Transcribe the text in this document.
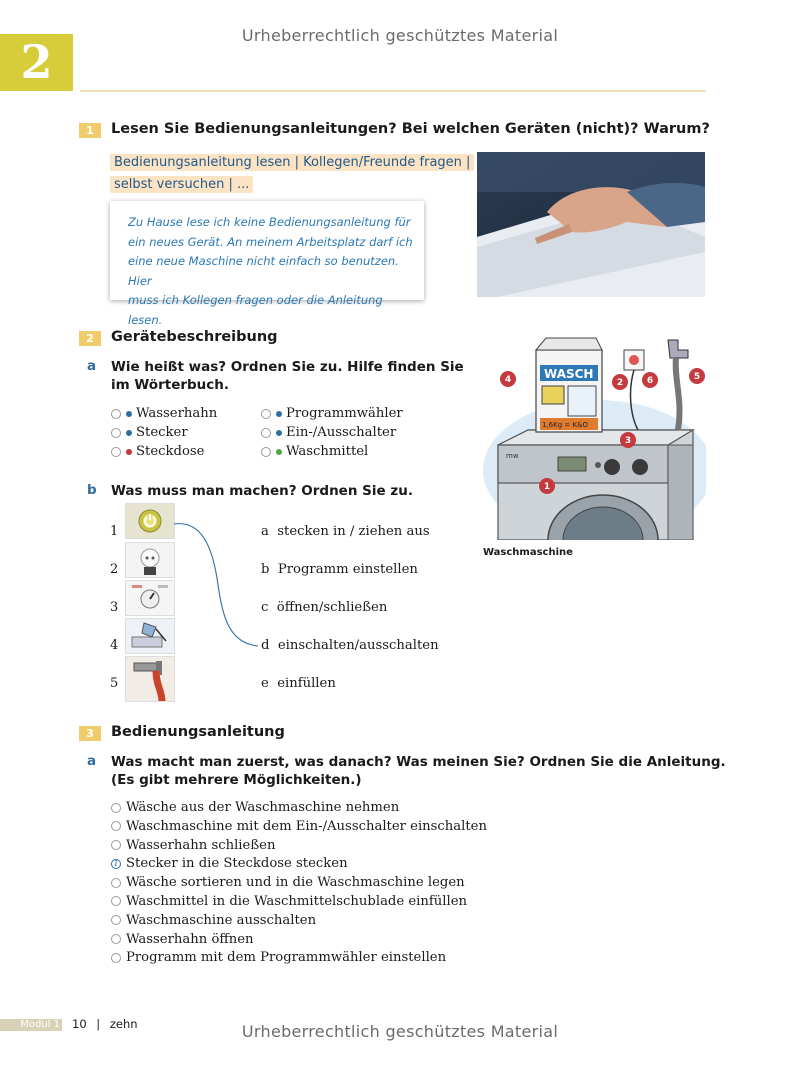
Urheberrechtlich geschütztes Material
Urheberrechtlich geschütztes Material
2
1	Lesen Sie Bedienungsanleitungen? Bei welchen Geräten (nicht)? Warum?
Bedienungsanleitung lesen | Kollegen/Freunde fragen |
selbst versuchen | ...
Zu Hause lese ich keine Bedienungsanleitung für
ein neues Gerät. An meinem Arbeitsplatz darf ich
eine neue Maschine nicht einfach so benutzen. Hier
muss ich Kollegen fragen oder die Anleitung lesen.
2	Gerätebeschreibung
a Wie heißt was? Ordnen Sie zu. Hilfe finden Sie
im Wörterbuch.
Wasserhahn
Stecker
Steckdose
Programmwähler
Ein-/Ausschalter
Waschmittel	mw
WASCH
1,6Kg = K&O
1
2
3
4	5
6
Waschmaschine
b Was muss man machen? Ordnen Sie zu.
1
2
3
4
5
a stecken in / ziehen aus
b Programm einstellen
c öffnen/schließen
d einschalten/ausschalten
e einfüllen
3	Bedienungsanleitung
a Was macht man zuerst, was danach? Was meinen Sie? Ordnen Sie die Anleitung.
(Es gibt mehrere Möglichkeiten.)
Wäsche aus der Waschmaschine nehmen
Waschmaschine mit dem Ein-/Ausschalter einschalten
Wasserhahn schließen
1 Stecker in die Steckdose stecken
Wäsche sortieren und in die Waschmaschine legen
Waschmittel in die Waschmittelschublade einfüllen
Waschmaschine ausschalten
Wasserhahn öffnen
Programm mit dem Programmwähler einstellen
Modul 1 10 | zehn
